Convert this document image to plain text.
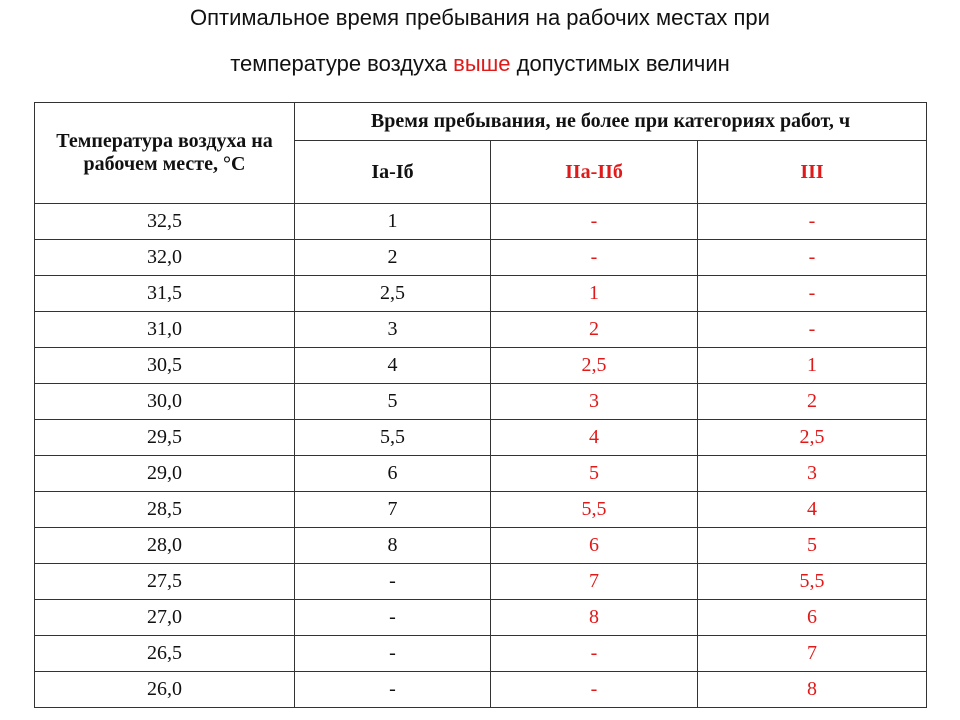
Оптимальное время пребывания на рабочих местах при
температуре воздуха выше допустимых величин
Температура воздуха на рабочем месте, °С	Время пребывания, не более при категориях работ, ч		
	Iа-Iб	IIа-IIб	III
32,5	1	-	-
32,0	2	-	-
31,5	2,5	1	-
31,0	3	2	-
30,5	4	2,5	1
30,0	5	3	2
29,5	5,5	4	2,5
29,0	6	5	3
28,5	7	5,5	4
28,0	8	6	5
27,5	-	7	5,5
27,0	-	8	6
26,5	-	-	7
26,0	-	-	8
